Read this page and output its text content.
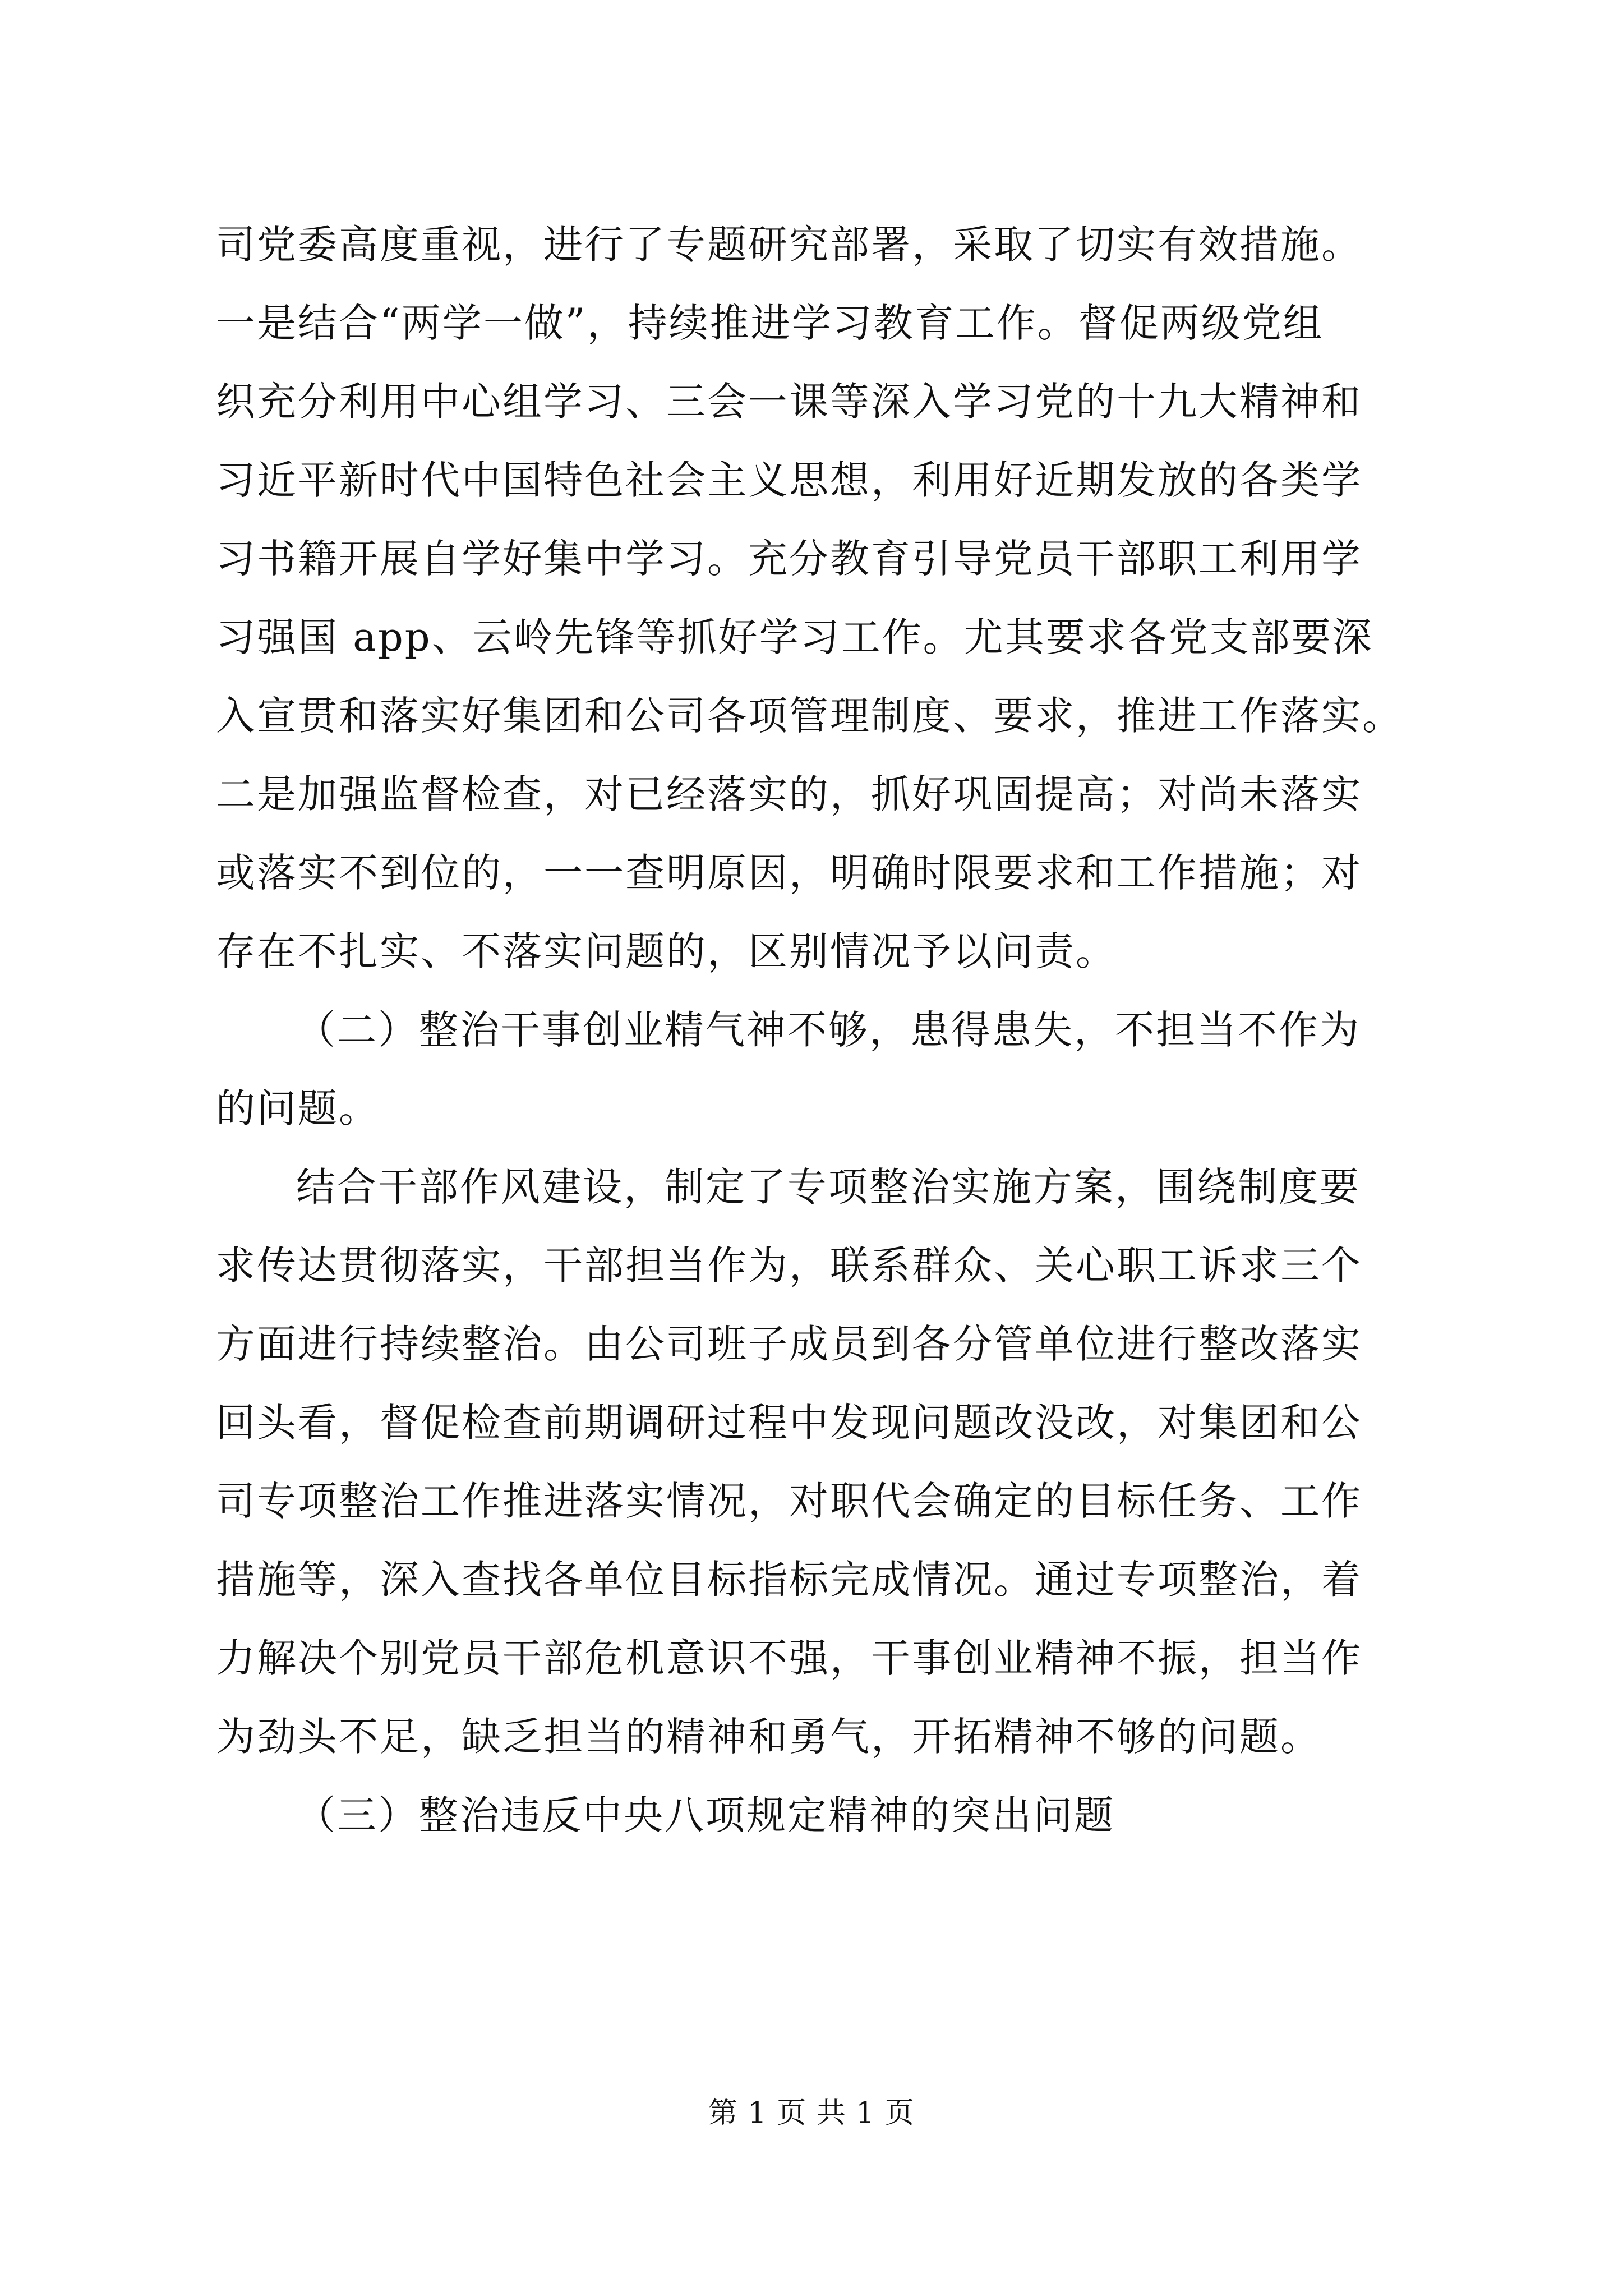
司党委高度重视，进行了专题研究部署，采取了切实有效措施。
一是结合“两学一做”，持续推进学习教育工作。督促两级党组
织充分利用中心组学习、三会一课等深入学习党的十九大精神和
习近平新时代中国特色社会主义思想，利用好近期发放的各类学
习书籍开展自学好集中学习。充分教育引导党员干部职工利用学
习强国 app、云岭先锋等抓好学习工作。尤其要求各党支部要深
入宣贯和落实好集团和公司各项管理制度、要求，推进工作落实。
二是加强监督检查，对已经落实的，抓好巩固提高；对尚未落实
或落实不到位的，一一查明原因，明确时限要求和工作措施；对
存在不扎实、不落实问题的，区别情况予以问责。
（二）整治干事创业精气神不够，患得患失，不担当不作为
的问题。
结合干部作风建设，制定了专项整治实施方案，围绕制度要
求传达贯彻落实，干部担当作为，联系群众、关心职工诉求三个
方面进行持续整治。由公司班子成员到各分管单位进行整改落实
回头看，督促检查前期调研过程中发现问题改没改，对集团和公
司专项整治工作推进落实情况，对职代会确定的目标任务、工作
措施等，深入查找各单位目标指标完成情况。通过专项整治，着
力解决个别党员干部危机意识不强，干事创业精神不振，担当作
为劲头不足，缺乏担当的精神和勇气，开拓精神不够的问题。
（三）整治违反中央八项规定精神的突出问题
第 1 页 共 1 页
